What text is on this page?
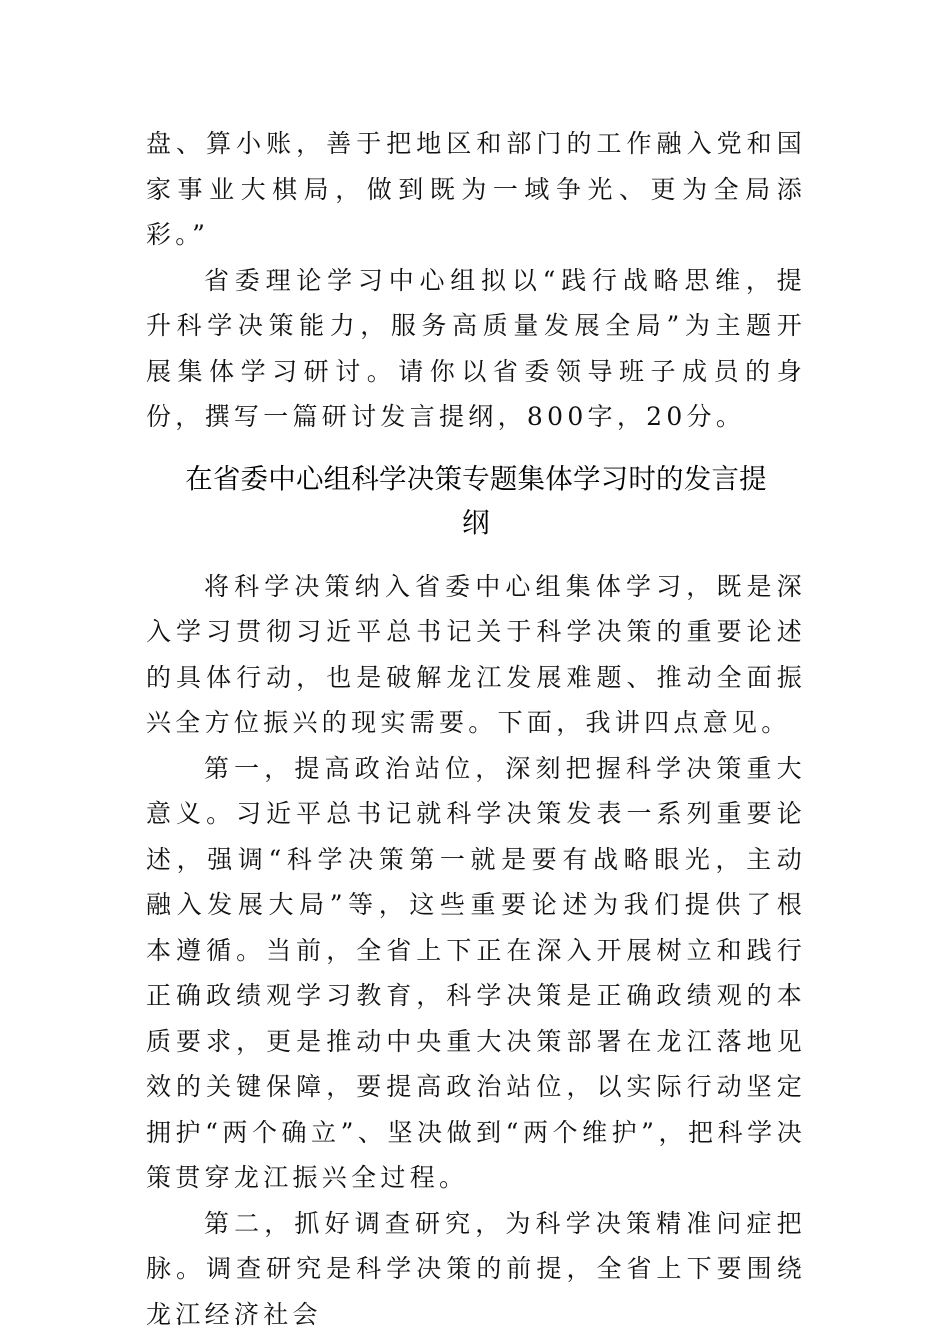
盘、算小账，善于把地区和部门的工作融入党和国家事业大棋局，做到既为一域争光、更为全局添彩。”

省委理论学习中心组拟以“践行战略思维，提升科学决策能力，服务高质量发展全局”为主题开展集体学习研讨。请你以省委领导班子成员的身份，撰写一篇研讨发言提纲，800字，20分。

在省委中心组科学决策专题集体学习时的发言提
纲

将科学决策纳入省委中心组集体学习，既是深入学习贯彻习近平总书记关于科学决策的重要论述的具体行动，也是破解龙江发展难题、推动全面振兴全方位振兴的现实需要。下面，我讲四点意见。

第一，提高政治站位，深刻把握科学决策重大意义。习近平总书记就科学决策发表一系列重要论述，强调“科学决策第一就是要有战略眼光，主动融入发展大局”等，这些重要论述为我们提供了根本遵循。当前，全省上下正在深入开展树立和践行正确政绩观学习教育，科学决策是正确政绩观的本质要求，更是推动中央重大决策部署在龙江落地见效的关键保障，要提高政治站位，以实际行动坚定拥护“两个确立”、坚决做到“两个维护”，把科学决策贯穿龙江振兴全过程。

第二，抓好调查研究，为科学决策精准问症把脉。调查研究是科学决策的前提，全省上下要围绕龙江经济社会
